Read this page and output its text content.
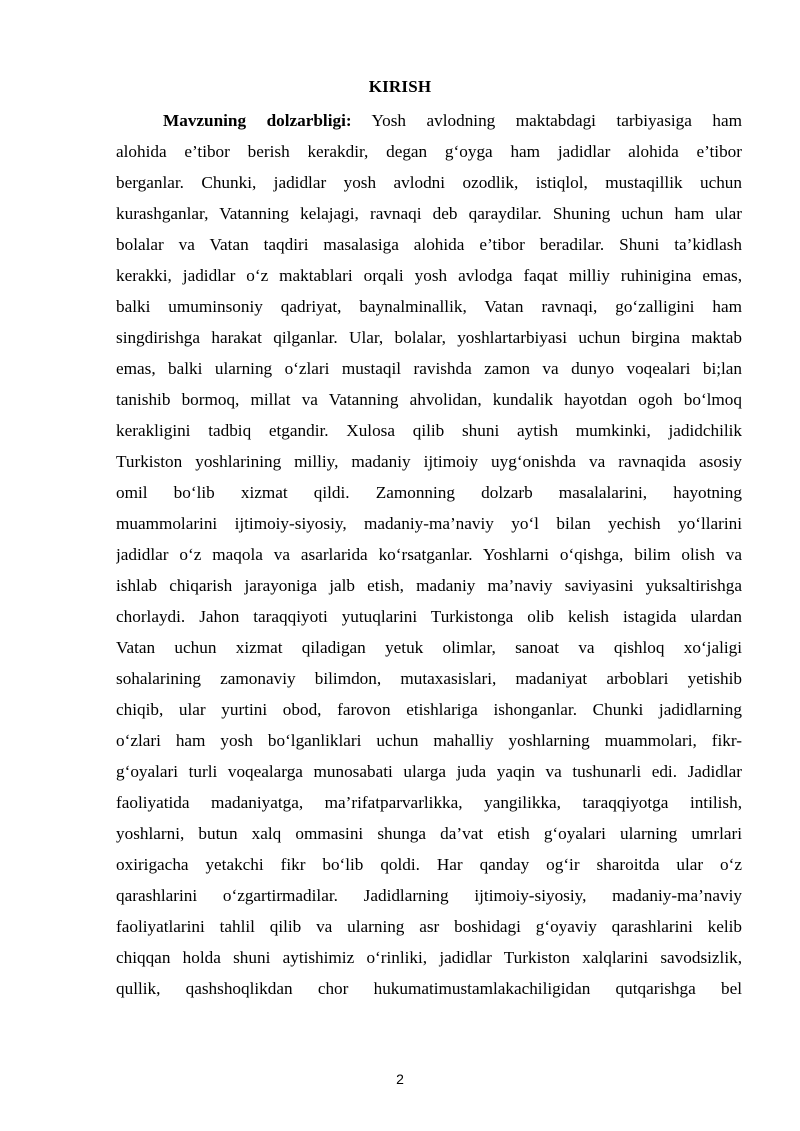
KIRISH
Mavzuning dolzarbligi: Yosh avlodning maktabdagi tarbiyasiga ham
alohida e’tibor berish kerakdir, degan g‘oyga ham jadidlar alohida e’tibor
berganlar. Chunki, jadidlar yosh avlodni ozodlik, istiqlol, mustaqillik uchun
kurashganlar, Vatanning kelajagi, ravnaqi deb qaraydilar. Shuning uchun ham ular
bolalar va Vatan taqdiri masalasiga alohida e’tibor beradilar. Shuni ta’kidlash
kerakki, jadidlar o‘z maktablari orqali yosh avlodga faqat milliy ruhinigina emas,
balki umuminsoniy qadriyat, baynalminallik, Vatan ravnaqi, go‘zalligini ham
singdirishga harakat qilganlar. Ular, bolalar, yoshlartarbiyasi uchun birgina maktab
emas, balki ularning o‘zlari mustaqil ravishda zamon va dunyo voqealari bi;lan
tanishib bormoq, millat va Vatanning ahvolidan, kundalik hayotdan ogoh bo‘lmoq
kerakligini tadbiq etgandir. Xulosa qilib shuni aytish mumkinki, jadidchilik
Turkiston yoshlarining milliy, madaniy ijtimoiy uyg‘onishda va ravnaqida asosiy
omil bo‘lib xizmat qildi. Zamonning dolzarb masalalarini, hayotning
muammolarini ijtimoiy-siyosiy, madaniy-ma’naviy yo‘l bilan yechish yo‘llarini
jadidlar o‘z maqola va asarlarida ko‘rsatganlar. Yoshlarni o‘qishga, bilim olish va
ishlab chiqarish jarayoniga jalb etish, madaniy ma’naviy saviyasini yuksaltirishga
chorlaydi. Jahon taraqqiyoti yutuqlarini Turkistonga olib kelish istagida ulardan
Vatan uchun xizmat qiladigan yetuk olimlar, sanoat va qishloq xo‘jaligi
sohalarining zamonaviy bilimdon, mutaxasislari, madaniyat arboblari yetishib
chiqib, ular yurtini obod, farovon etishlariga ishonganlar. Chunki jadidlarning
o‘zlari ham yosh bo‘lganliklari uchun mahalliy yoshlarning muammolari, fikr-
g‘oyalari turli voqealarga munosabati ularga juda yaqin va tushunarli edi. Jadidlar
faoliyatida madaniyatga, ma’rifatparvarlikka, yangilikka, taraqqiyotga intilish,
yoshlarni, butun xalq ommasini shunga da’vat etish g‘oyalari ularning umrlari
oxirigacha yetakchi fikr bo‘lib qoldi. Har qanday og‘ir sharoitda ular o‘z
qarashlarini o‘zgartirmadilar. Jadidlarning ijtimoiy-siyosiy, madaniy-ma’naviy
faoliyatlarini tahlil qilib va ularning asr boshidagi g‘oyaviy qarashlarini kelib
chiqqan holda shuni aytishimiz o‘rinliki, jadidlar Turkiston xalqlarini savodsizlik,
qullik, qashshoqlikdan chor hukumatimustamlakachiligidan qutqarishga bel
2
